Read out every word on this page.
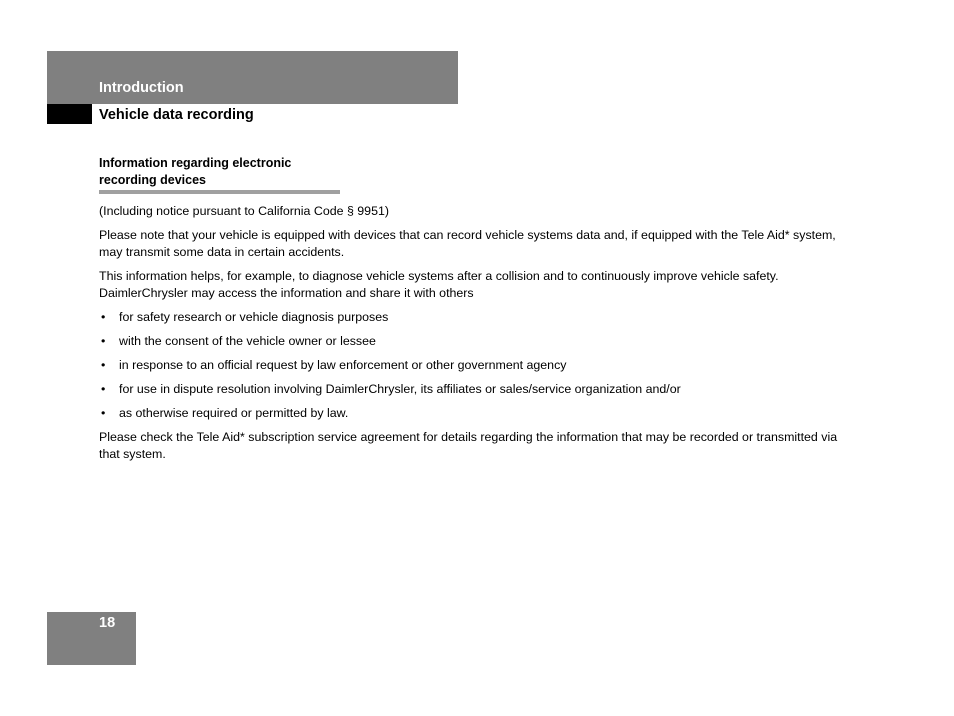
Introduction
Vehicle data recording
Information regarding electronic
recording devices

(Including notice pursuant to California Code § 9951)

Please note that your vehicle is equipped with devices that can record vehicle systems data and, if equipped with the Tele Aid* system, may transmit some data in certain accidents.

This information helps, for example, to diagnose vehicle systems after a collision and to continuously improve vehicle safety. DaimlerChrysler may access the information and share it with others

• for safety research or vehicle diagnosis purposes
• with the consent of the vehicle owner or lessee
• in response to an official request by law enforcement or other government agency
• for use in dispute resolution involving DaimlerChrysler, its affiliates or sales/service organization and/or
• as otherwise required or permitted by law.

Please check the Tele Aid* subscription service agreement for details regarding the information that may be recorded or transmitted via that system.

18
